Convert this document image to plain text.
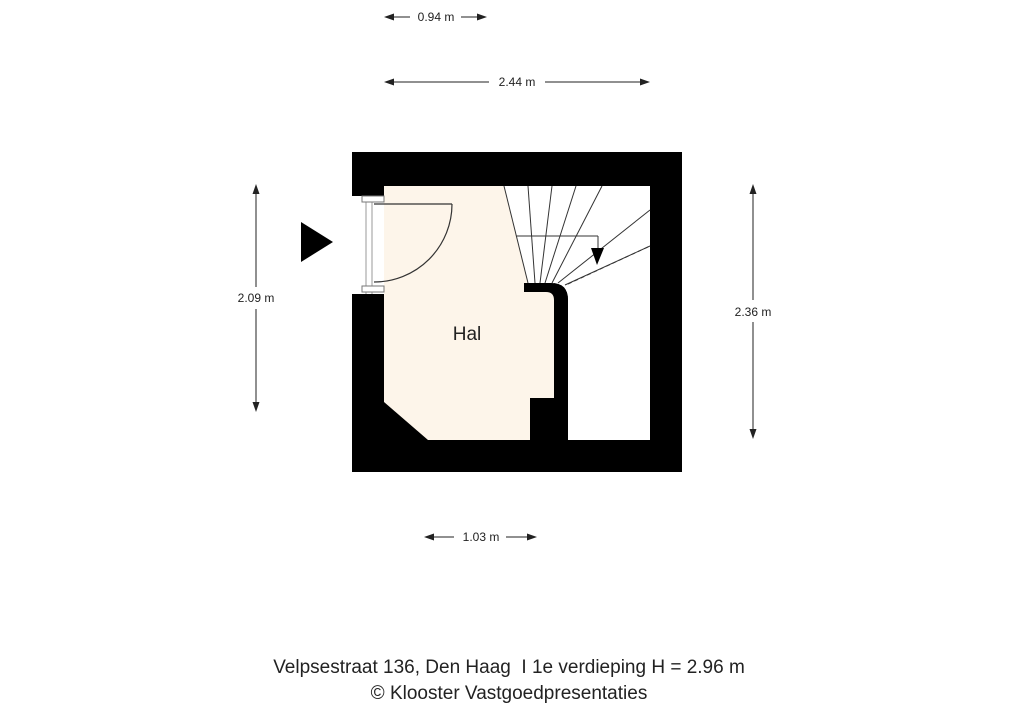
0.94 m
2.44 m
2.09 m
2.36 m
1.03 m
Hal
Velpsestraat 136, Den Haag  I 1e verdieping H = 2.96 m
© Klooster Vastgoedpresentaties
